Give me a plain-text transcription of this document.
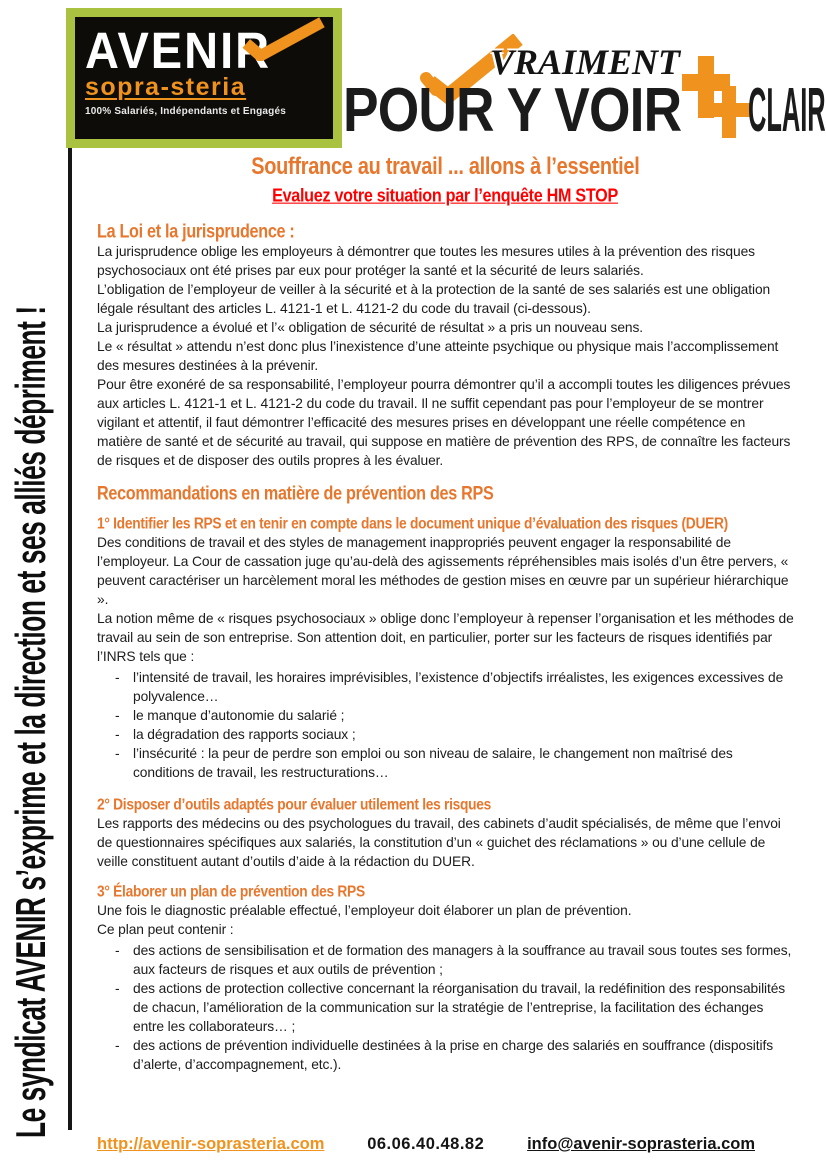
AVENIR
sopra-steria
100% Salariés, Indépendants et Engagés
VRAIMENT
POUR Y VOIR CLAIR
Le syndicat AVENIR s’exprime et la direction et ses alliés dépriment !
Souffrance au travail ... allons à l’essentiel
Evaluez votre situation par l’enquête HM STOP
La Loi et la jurisprudence :

La jurisprudence oblige les employeurs à démontrer que toutes les mesures utiles à la prévention des risques psychosociaux ont été prises par eux pour protéger la santé et la sécurité de leurs salariés.

L’obligation de l’employeur de veiller à la sécurité et à la protection de la santé de ses salariés est une obligation légale résultant des articles L. 4121-1 et L. 4121-2 du code du travail (ci-dessous).

La jurisprudence a évolué et l’« obligation de sécurité de résultat » a pris un nouveau sens.

Le « résultat » attendu n’est donc plus l’inexistence d’une atteinte psychique ou physique mais l’accomplissement des mesures destinées à la prévenir.

Pour être exonéré de sa responsabilité, l’employeur pourra démontrer qu’il a accompli toutes les diligences prévues aux articles L. 4121-1 et L. 4121-2 du code du travail. Il ne suffit cependant pas pour l’employeur de se montrer vigilant et attentif, il faut démontrer l’efficacité des mesures prises en développant une réelle compétence en matière de santé et de sécurité au travail, qui suppose en matière de prévention des RPS, de connaître les facteurs de risques et de disposer des outils propres à les évaluer.

Recommandations en matière de prévention des RPS
1° Identifier les RPS et en tenir en compte dans le document unique d’évaluation des risques (DUER)

Des conditions de travail et des styles de management inappropriés peuvent engager la responsabilité de l’employeur. La Cour de cassation juge qu’au-delà des agissements répréhensibles mais isolés d’un être pervers, « peuvent caractériser un harcèlement moral les méthodes de gestion mises en œuvre par un supérieur hiérarchique ».

La notion même de « risques psychosociaux » oblige donc l’employeur à repenser l’organisation et les méthodes de travail au sein de son entreprise. Son attention doit, en particulier, porter sur les facteurs de risques identifiés par l’INRS tels que :

- l’intensité de travail, les horaires imprévisibles, l’existence d’objectifs irréalistes, les exigences excessives de polyvalence…
- le manque d’autonomie du salarié ;
- la dégradation des rapports sociaux ;
- l’insécurité : la peur de perdre son emploi ou son niveau de salaire, le changement non maîtrisé des conditions de travail, les restructurations…
2° Disposer d’outils adaptés pour évaluer utilement les risques

Les rapports des médecins ou des psychologues du travail, des cabinets d’audit spécialisés, de même que l’envoi de questionnaires spécifiques aux salariés, la constitution d’un « guichet des réclamations » ou d’une cellule de veille constituent autant d’outils d’aide à la rédaction du DUER.

3° Élaborer un plan de prévention des RPS

Une fois le diagnostic préalable effectué, l’employeur doit élaborer un plan de prévention.

Ce plan peut contenir :

- des actions de sensibilisation et de formation des managers à la souffrance au travail sous toutes ses formes, aux facteurs de risques et aux outils de prévention ;
- des actions de protection collective concernant la réorganisation du travail, la redéfinition des responsabilités de chacun, l’amélioration de la communication sur la stratégie de l’entreprise, la facilitation des échanges entre les collaborateurs… ;
- des actions de prévention individuelle destinées à la prise en charge des salariés en souffrance (dispositifs d’alerte, d’accompagnement, etc.).
http://avenir-soprasteria.com	06.06.40.48.82	info@avenir-soprasteria.com
